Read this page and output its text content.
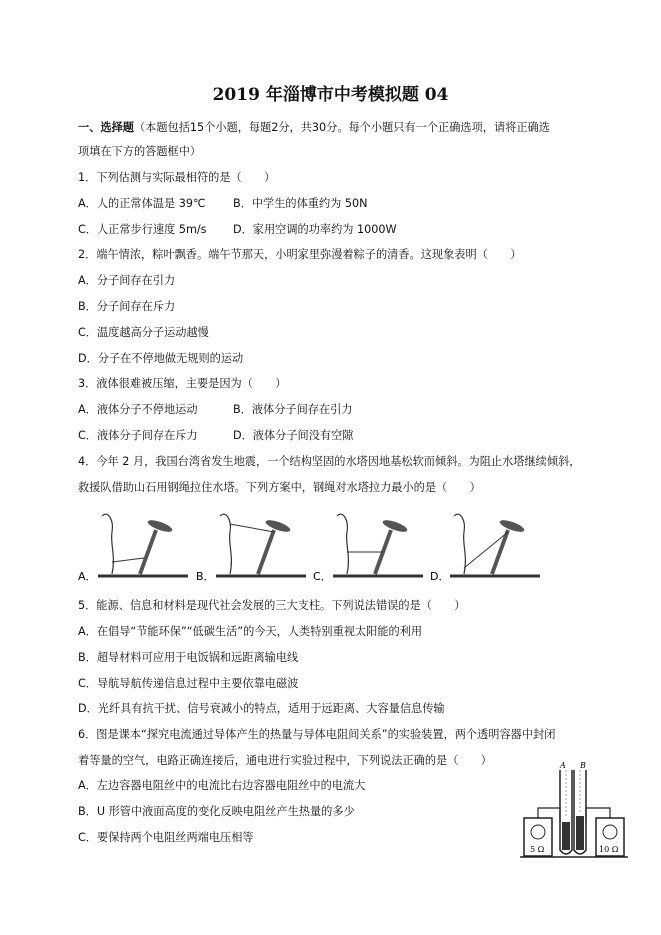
2019 年淄博市中考模拟题 04
一、选择题（本题包括15个小题，每题2分，共30分。每个小题只有一个正确选项，请将正确选
项填在下方的答题框中）
1．下列估测与实际最相符的是（　　）
A．人的正常体温是 39℃ B．中学生的体重约为 50N
C．人正常步行速度 5m/s D．家用空调的功率约为 1000W
2．端午情浓，粽叶飘香。端午节那天，小明家里弥漫着粽子的清香。这现象表明（　　）
A．分子间存在引力
B．分子间存在斥力
C．温度越高分子运动越慢
D．分子在不停地做无规则的运动
3．液体很难被压缩，主要是因为（　　）
A．液体分子不停地运动	B．液体分子间存在引力
C．液体分子间存在斥力	D．液体分子间没有空隙
4．今年 2 月，我国台湾省发生地震，一个结构坚固的水塔因地基松软而倾斜。为阻止水塔继续倾斜，
救援队借助山石用钢绳拉住水塔。下列方案中，钢绳对水塔拉力最小的是（　　）
A．	B．	C．	D．
5．能源、信息和材料是现代社会发展的三大支柱。下列说法错误的是（　　）
A．在倡导“节能环保”“低碳生活”的今天，人类特别重视太阳能的利用
B．超导材料可应用于电饭锅和远距离输电线
C．导航导航传递信息过程中主要依靠电磁波
D．光纤具有抗干扰、信号衰减小的特点，适用于远距离、大容量信息传输
6．图是课本“探究电流通过导体产生的热量与导体电阻间关系”的实验装置，两个透明容器中封闭
着等量的空气，电路正确连接后，通电进行实验过程中，下列说法正确的是（　　）
A．左边容器电阻丝中的电流比右边容器电阻丝中的电流大
B．U 形管中液面高度的变化反映电阻丝产生热量的多少
C．要保持两个电阻丝两端电压相等
5 Ω	10 Ω
A B
